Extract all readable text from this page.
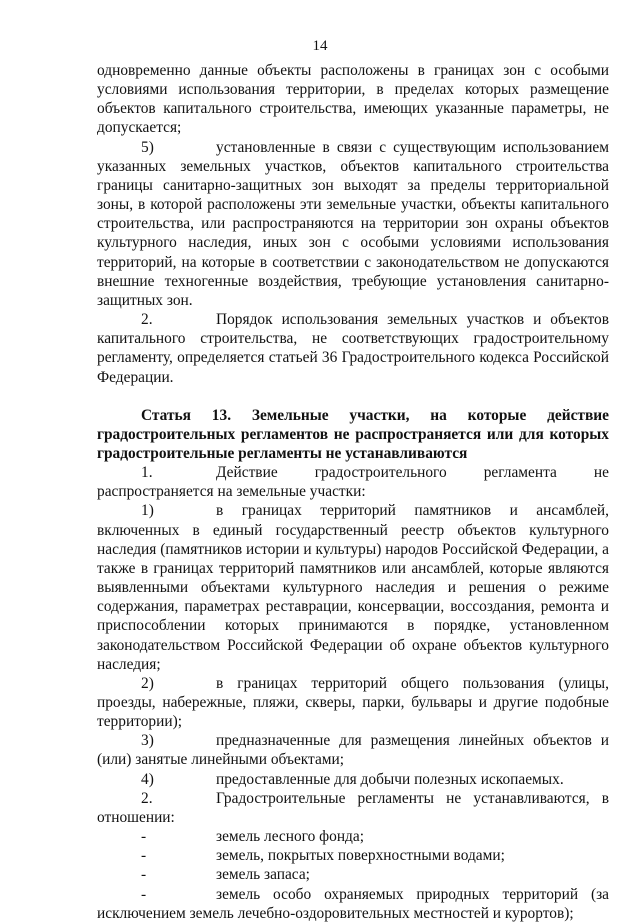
14

одновременно данные объекты расположены в границах зон с особыми условиями использования территории, в пределах которых размещение объектов капитального строительства, имеющих указанные параметры, не допускается;

5)	установленные в связи с существующим использованием указанных земельных участков, объектов капитального строительства границы санитарно-защитных зон выходят за пределы территориальной зоны, в которой расположены эти земельные участки, объекты капитального строительства, или распространяются на территории зон охраны объектов культурного наследия, иных зон с особыми условиями использования территорий, на которые в соответствии с законодательством не допускаются внешние техногенные воздействия, требующие установления санитарно-защитных зон.

2.	Порядок использования земельных участков и объектов капитального строительства, не соответствующих градостроительному регламенту, определяется статьей 36 Градостроительного кодекса Российской Федерации.

Статья 13. Земельные участки, на которые действие градостроительных регламентов не распространяется или для которых градостроительные регламенты не устанавливаются

1.	Действие градостроительного регламента не распространяется на земельные участки:

1)	в границах территорий памятников и ансамблей, включенных в единый государственный реестр объектов культурного наследия (памятников истории и культуры) народов Российской Федерации, а также в границах территорий памятников или ансамблей, которые являются выявленными объектами культурного наследия и решения о режиме содержания, параметрах реставрации, консервации, воссоздания, ремонта и приспособлении которых принимаются в порядке, установленном законодательством Российской Федерации об охране объектов культурного наследия;

2)	в границах территорий общего пользования (улицы, проезды, набережные, пляжи, скверы, парки, бульвары и другие подобные территории);

3)	предназначенные для размещения линейных объектов и (или) занятые линейными объектами;

4)	предоставленные для добычи полезных ископаемых.

2.	Градостроительные регламенты не устанавливаются, в отношении:

-	земель лесного фонда;

-	земель, покрытых поверхностными водами;

-	земель запаса;

-	земель особо охраняемых природных территорий (за исключением земель лечебно-оздоровительных местностей и курортов);
